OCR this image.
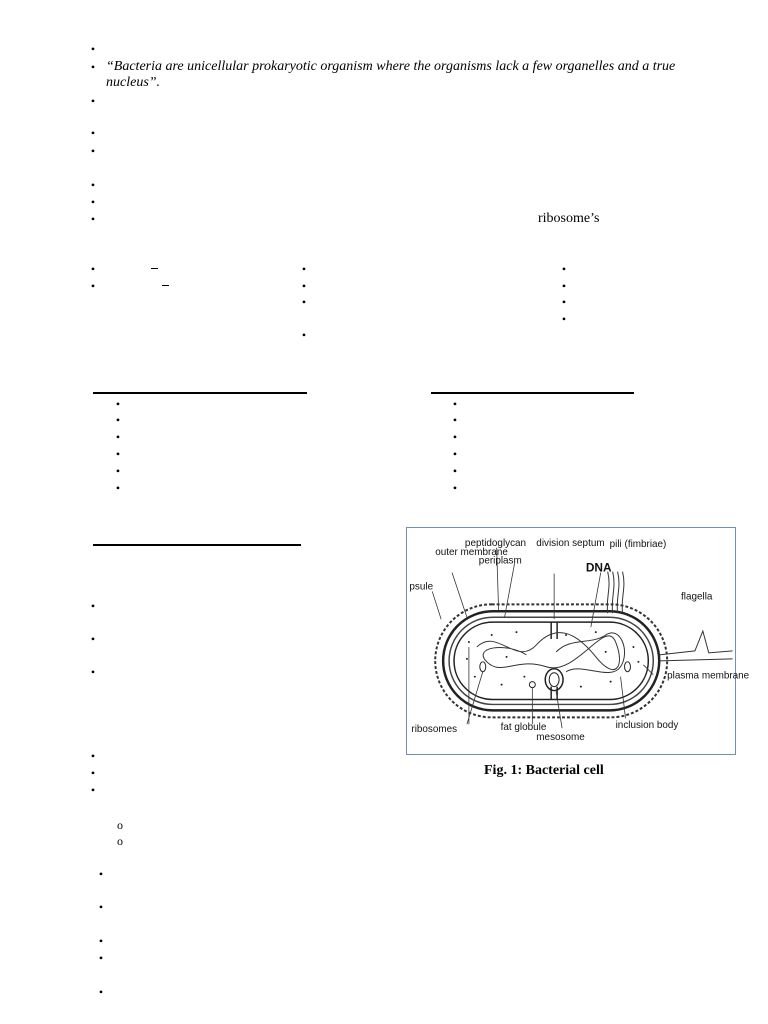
•
•
“Bacteria are unicellular prokaryotic organism where the organisms lack a few organelles and a true nucleus”.
•
•
•
•
•
•
ribosome’s
•
•
•
•
•
•
•
•
•
•
•
•
•
•
•
•
•
•
•
•
•
•
•
•
•
•
•
•
o
o
•
•
•
•
•
outer membrane
peptidoglycan
periplasm
division septum pili (fimbriae)
DNA
psule
flagella
plasma membrane
ribosomes	fat globule
mesosome
inclusion body
Fig. 1: Bacterial cell
